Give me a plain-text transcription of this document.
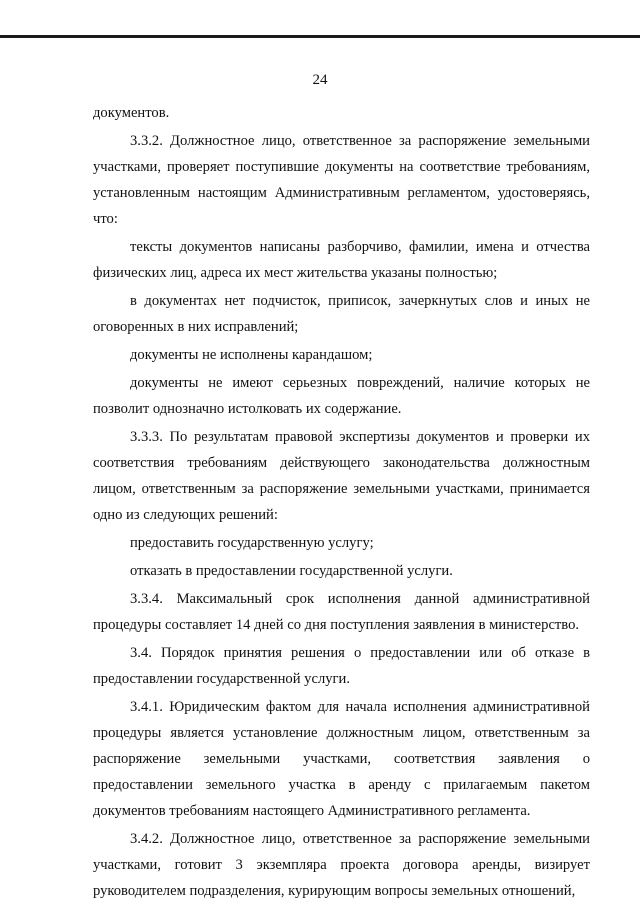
24

документов.

3.3.2. Должностное лицо, ответственное за распоряжение земельными участками, проверяет поступившие документы на соответствие требованиям, установленным настоящим Административным регламентом, удостоверяясь, что:

тексты документов написаны разборчиво, фамилии, имена и отчества физических лиц, адреса их мест жительства указаны полностью;

в документах нет подчисток, приписок, зачеркнутых слов и иных не оговоренных в них исправлений;

документы не исполнены карандашом;

документы не имеют серьезных повреждений, наличие которых не позволит однозначно истолковать их содержание.

3.3.3. По результатам правовой экспертизы документов и проверки их соответствия требованиям действующего законодательства должностным лицом, ответственным за распоряжение земельными участками, принимается одно из следующих решений:

предоставить государственную услугу;

отказать в предоставлении государственной услуги.

3.3.4. Максимальный срок исполнения данной административной процедуры составляет 14 дней со дня поступления заявления в министерство.

3.4. Порядок принятия решения о предоставлении или об отказе в предоставлении государственной услуги.

3.4.1. Юридическим фактом для начала исполнения административной процедуры является установление должностным лицом, ответственным за распоряжение земельными участками, соответствия заявления о предоставлении земельного участка в аренду с прилагаемым пакетом документов требованиям настоящего Административного регламента.

3.4.2. Должностное лицо, ответственное за распоряжение земельными участками, готовит 3 экземпляра проекта договора аренды, визирует руководителем подразделения, курирующим вопросы земельных отношений,
